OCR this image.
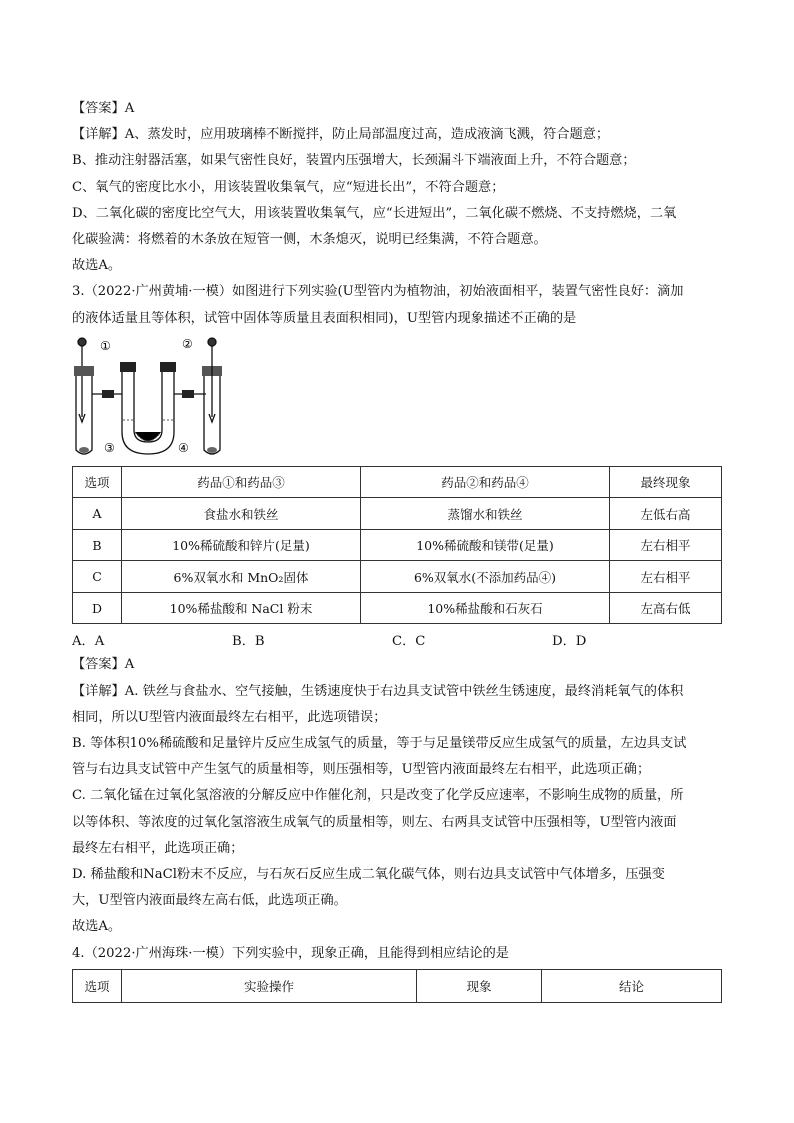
【答案】A
【详解】A、蒸发时，应用玻璃棒不断搅拌，防止局部温度过高，造成液滴飞溅，符合题意；
B、推动注射器活塞，如果气密性良好，装置内压强增大，长颈漏斗下端液面上升，不符合题意；
C、氧气的密度比水小，用该装置收集氧气，应“短进长出”，不符合题意；
D、二氧化碳的密度比空气大，用该装置收集氧气，应“长进短出”，二氧化碳不燃烧、不支持燃烧，二氧
化碳验满：将燃着的木条放在短管一侧，木条熄灭，说明已经集满，不符合题意。
故选A。
3.（2022·广州黄埔·一模）如图进行下列实验(U型管内为植物油，初始液面相平，装置气密性良好：滴加
的液体适量且等体积，试管中固体等质量且表面积相同)，U型管内现象描述不正确的是
①	②
③	④
选项	药品①和药品③	药品②和药品④	最终现象
A	食盐水和铁丝	蒸馏水和铁丝	左低右高
B	10%稀硫酸和锌片(足量)	10%稀硫酸和镁带(足量)	左右相平
C	6%双氧水和 MnO₂固体	6%双氧水(不添加药品④)	左右相平
D	10%稀盐酸和 NaCl 粉末	10%稀盐酸和石灰石	左高右低
A．A	B．B	C．C	D．D
【答案】A
【详解】A. 铁丝与食盐水、空气接触，生锈速度快于右边具支试管中铁丝生锈速度，最终消耗氧气的体积
相同，所以U型管内液面最终左右相平，此选项错误；
B. 等体积10%稀硫酸和足量锌片反应生成氢气的质量，等于与足量镁带反应生成氢气的质量，左边具支试
管与右边具支试管中产生氢气的质量相等，则压强相等，U型管内液面最终左右相平，此选项正确；
C. 二氧化锰在过氧化氢溶液的分解反应中作催化剂，只是改变了化学反应速率，不影响生成物的质量，所
以等体积、等浓度的过氧化氢溶液生成氧气的质量相等，则左、右两具支试管中压强相等，U型管内液面
最终左右相平，此选项正确；
D. 稀盐酸和NaCl粉末不反应，与石灰石反应生成二氧化碳气体，则右边具支试管中气体增多，压强变
大，U型管内液面最终左高右低，此选项正确。
故选A。
4.（2022·广州海珠·一模）下列实验中，现象正确，且能得到相应结论的是
选项	实验操作	现象	结论
